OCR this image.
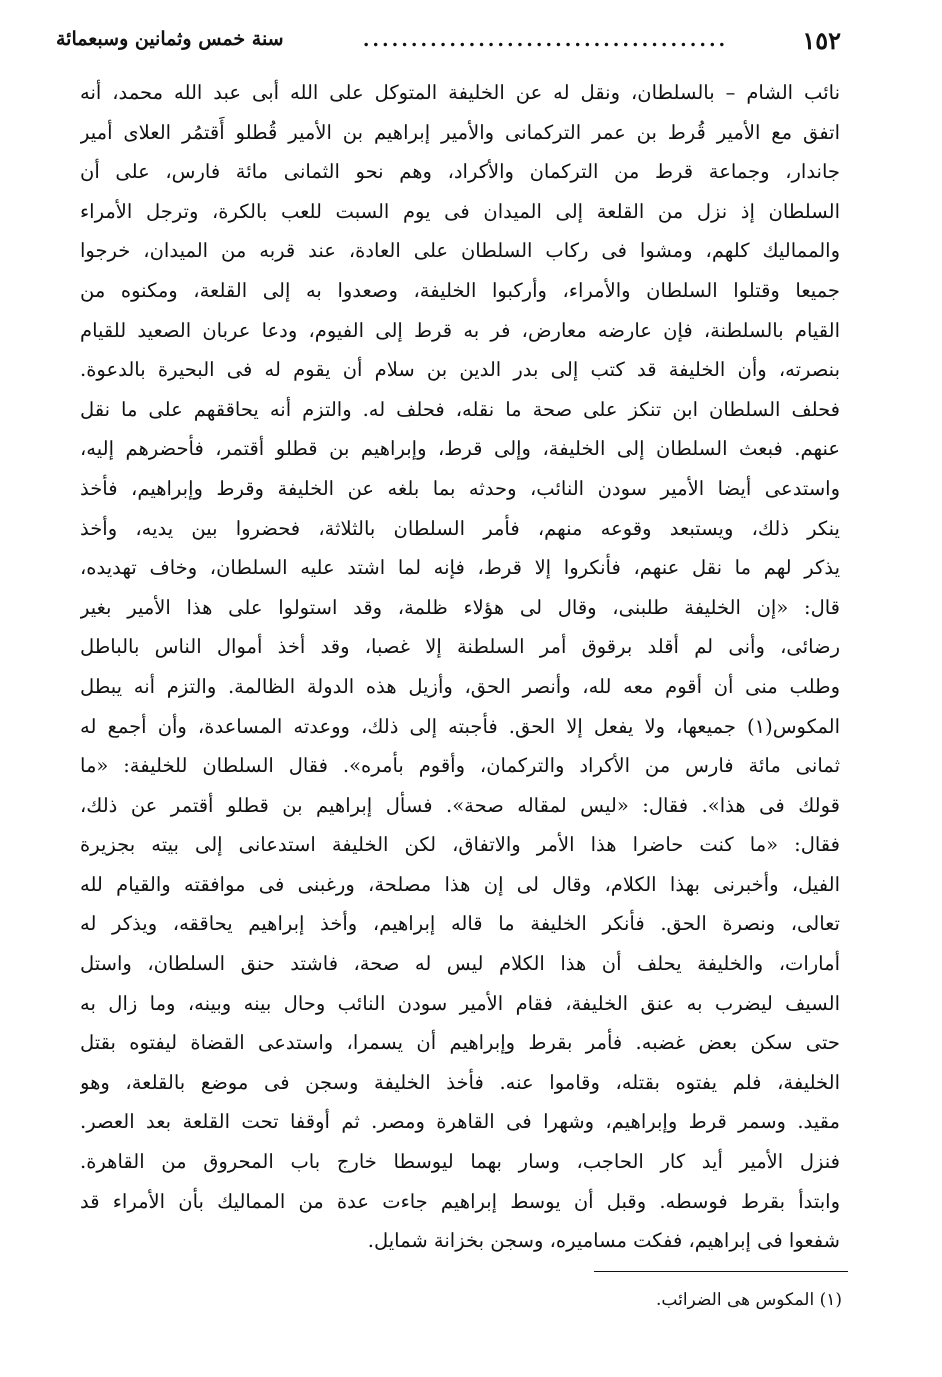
١٥٢
......................................
سنة خمس وثمانين وسبعمائة
نائب الشام – بالسلطان، ونقل له عن الخليفة المتوكل على الله أبى عبد الله محمد، أنه
اتفق مع الأمير قُرط بن عمر التركمانى والأمير إبراهيم بن الأمير قُطلو أَقتمُر العلاى أمير
جاندار، وجماعة قرط من التركمان والأكراد، وهم نحو الثمانى مائة فارس، على أن
السلطان إذ نزل من القلعة إلى الميدان فى يوم السبت للعب بالكرة، وترجل الأمراء
والمماليك كلهم، ومشوا فى ركاب السلطان على العادة، عند قربه من الميدان، خرجوا
جميعا وقتلوا السلطان والأمراء، وأركبوا الخليفة، وصعدوا به إلى القلعة، ومكنوه من
القيام بالسلطنة، فإن عارضه معارض، فر به قرط إلى الفيوم، ودعا عربان الصعيد للقيام
بنصرته، وأن الخليفة قد كتب إلى بدر الدين بن سلام أن يقوم له فى البحيرة بالدعوة.
فحلف السلطان ابن تنكز على صحة ما نقله، فحلف له. والتزم أنه يحاققهم على ما نقل
عنهم. فبعث السلطان إلى الخليفة، وإلى قرط، وإبراهيم بن قطلو أقتمر، فأحضرهم إليه،
واستدعى أيضا الأمير سودن النائب، وحدثه بما بلغه عن الخليفة وقرط وإبراهيم، فأخذ
ينكر ذلك، ويستبعد وقوعه منهم، فأمر السلطان بالثلاثة، فحضروا بين يديه، وأخذ
يذكر لهم ما نقل عنهم، فأنكروا إلا قرط، فإنه لما اشتد عليه السلطان، وخاف تهديده،
قال: «إن الخليفة طلبنى، وقال لى هؤلاء ظلمة، وقد استولوا على هذا الأمير بغير
رضائى، وأنى لم أقلد برقوق أمر السلطنة إلا غصبا، وقد أخذ أموال الناس بالباطل
وطلب منى أن أقوم معه لله، وأنصر الحق، وأزيل هذه الدولة الظالمة. والتزم أنه يبطل
المكوس(١) جميعها، ولا يفعل إلا الحق. فأجبته إلى ذلك، ووعدته المساعدة، وأن أجمع له
ثمانى مائة فارس من الأكراد والتركمان، وأقوم بأمره». فقال السلطان للخليفة: «ما
قولك فى هذا». فقال: «ليس لمقاله صحة». فسأل إبراهيم بن قطلو أقتمر عن ذلك،
فقال: «ما كنت حاضرا هذا الأمر والاتفاق، لكن الخليفة استدعانى إلى بيته بجزيرة
الفيل، وأخبرنى بهذا الكلام، وقال لى إن هذا مصلحة، ورغبنى فى موافقته والقيام لله
تعالى، ونصرة الحق. فأنكر الخليفة ما قاله إبراهيم، وأخذ إبراهيم يحاققه، ويذكر له
أمارات، والخليفة يحلف أن هذا الكلام ليس له صحة، فاشتد حنق السلطان، واستل
السيف ليضرب به عنق الخليفة، فقام الأمير سودن النائب وحال بينه وبينه، وما زال به
حتى سكن بعض غضبه. فأمر بقرط وإبراهيم أن يسمرا، واستدعى القضاة ليفتوه بقتل
الخليفة، فلم يفتوه بقتله، وقاموا عنه. فأخذ الخليفة وسجن فى موضع بالقلعة، وهو
مقيد. وسمر قرط وإبراهيم، وشهرا فى القاهرة ومصر. ثم أوقفا تحت القلعة بعد العصر.
فنزل الأمير أيد كار الحاجب، وسار بهما ليوسطا خارج باب المحروق من القاهرة.
وابتدأ بقرط فوسطه. وقبل أن يوسط إبراهيم جاءت عدة من المماليك بأن الأمراء قد
شفعوا فى إبراهيم، ففكت مساميره، وسجن بخزانة شمايل.
(١) المكوس هى الضرائب.
